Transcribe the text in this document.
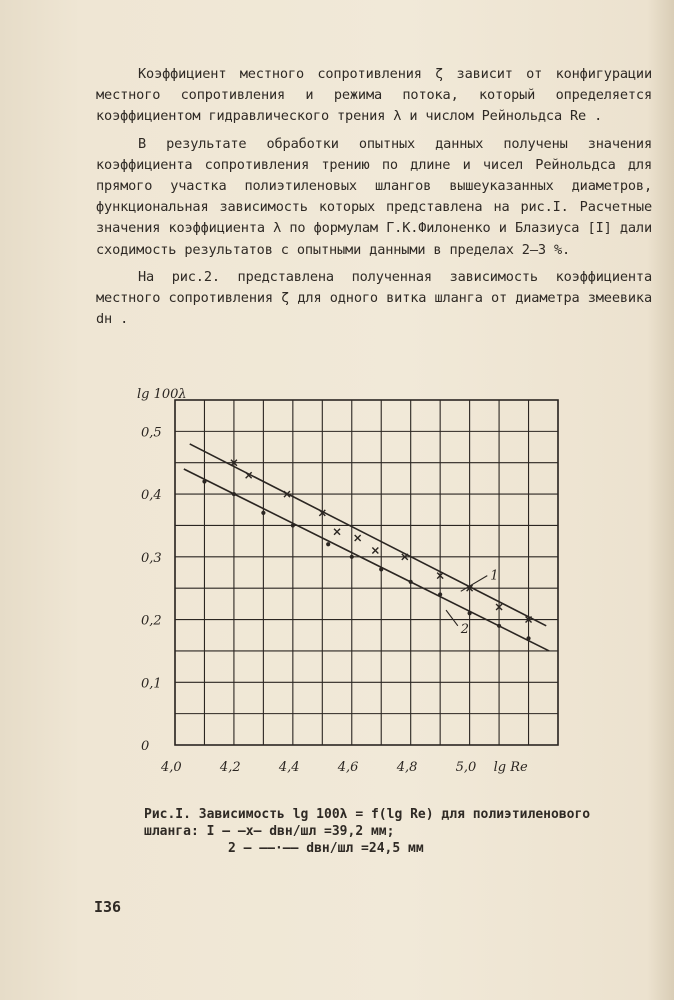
Коэффициент местного сопротивления ζ зависит от конфигурации местного сопротивления и режима потока, который определяется коэффициентом гидравлического трения λ и числом Рейнольдса Re .

В результате обработки опытных данных получены значения коэффициента сопротивления трению по длине и чисел Рейнольдса для прямого участка полиэтиленовых шлангов вышеуказанных диаметров, функциональная зависимость которых представлена на рис.I. Расчетные значения коэффициента λ по формулам Г.К.Филоненко и Блазиуса [I] дали сходимость результатов с опытными данными в пределах 2–3 %.

На рис.2. представлена полученная зависимость коэффициента местного сопротивления ζ для одного витка шланга от диаметра змеевика dн .

0
0,1
0,2
0,3
0,4
0,5
4,0	4,2	4,4	4,6	4,8	5,0
lg 100λ
lg Re
1
2
Рис.I. Зависимость lg 100λ = f(lg Re) для полиэтиленового шланга: I – –x– dвн/шл =39,2 мм;
2 – ——·—— dвн/шл =24,5 мм
I36
